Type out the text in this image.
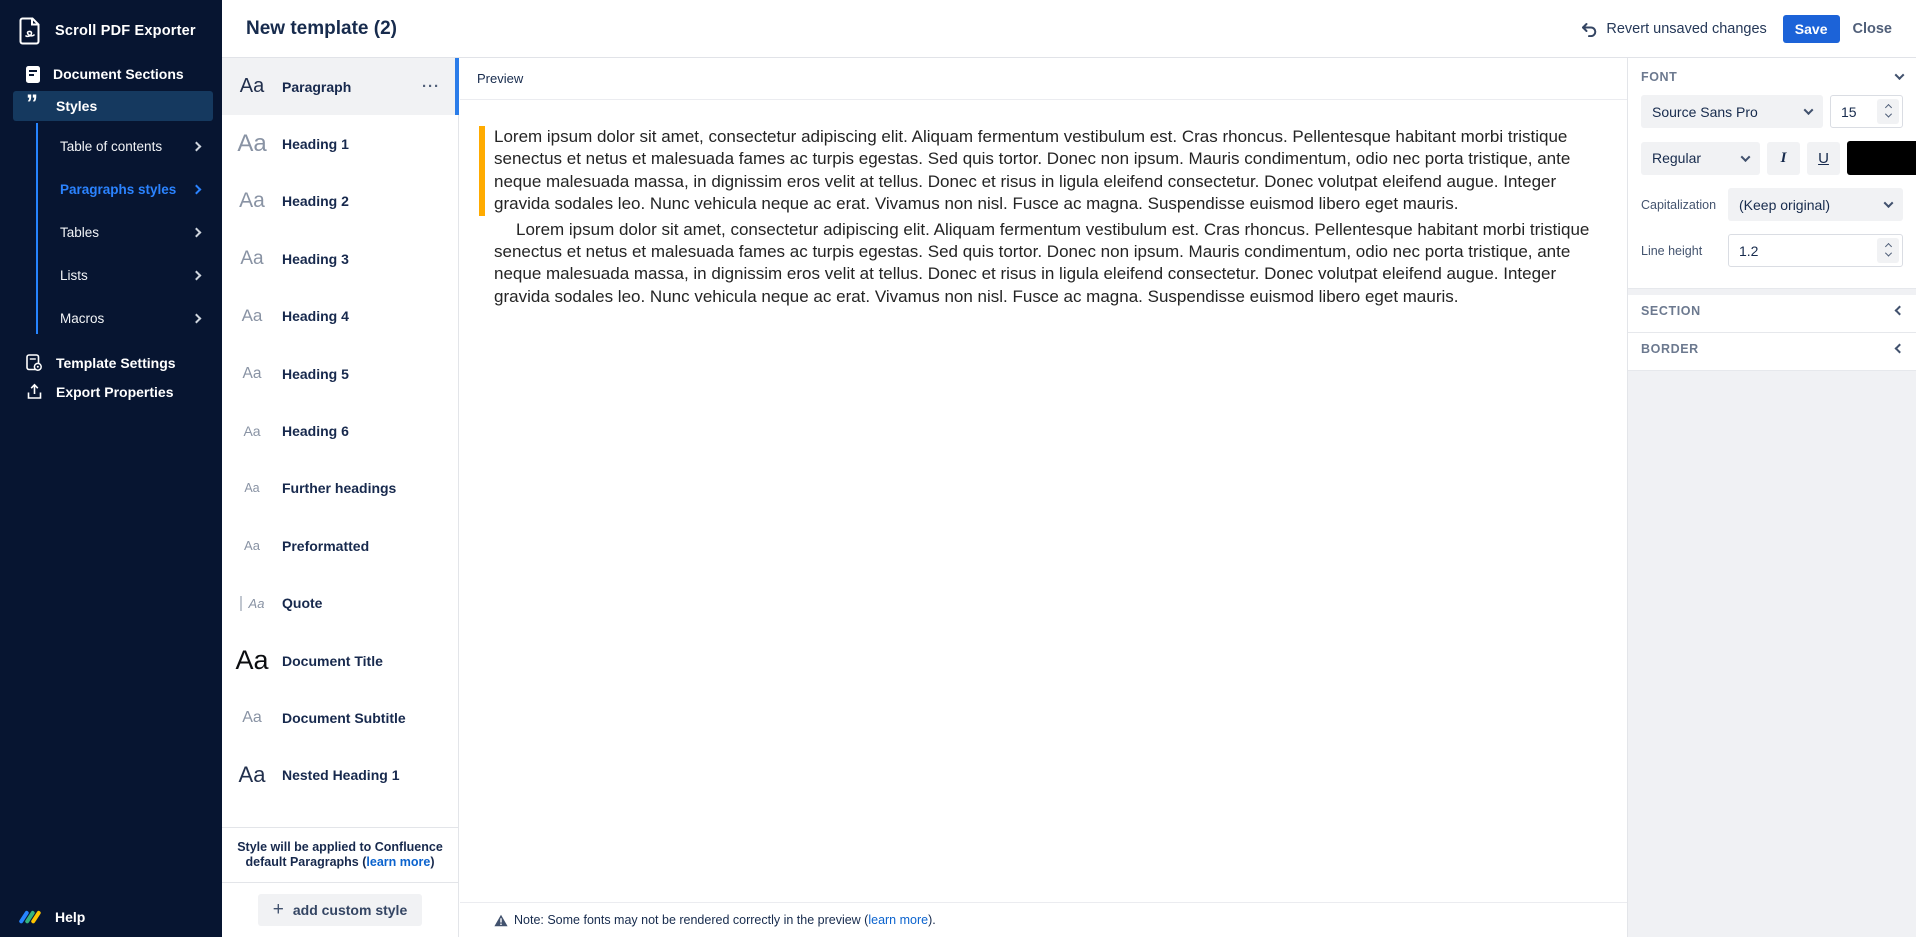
Scroll PDF Exporter
Document Sections
”	Styles
Table of contents
Paragraphs styles
Tables
Lists
Macros
Template Settings
Export Properties
Help
New template (2)	Revert unsaved changes	Save	Close
Aa	Paragraph	···
Aa	Heading 1
Aa	Heading 2
Aa	Heading 3
Aa	Heading 4
Aa	Heading 5
Aa	Heading 6
Aa	Further headings
Aa	Preformatted
Aa	Quote
Aa Document Title
Aa	Document Subtitle
Aa	Nested Heading 1
Style will be applied to Confluence
default Paragraphs (learn more)
+ add custom style
Preview

Lorem ipsum dolor sit amet, consectetur adipiscing elit. Aliquam fermentum vestibulum est. Cras rhoncus. Pellentesque habitant morbi tristique senectus et netus et malesuada fames ac turpis egestas. Sed quis tortor. Donec non ipsum. Mauris condimentum, odio nec porta tristique, ante neque malesuada massa, in dignissim eros velit at tellus. Donec et risus in ligula eleifend consectetur. Donec volutpat eleifend augue. Integer gravida sodales leo. Nunc vehicula neque ac erat. Vivamus non nisl. Fusce ac magna. Suspendisse euismod libero eget mauris.

Lorem ipsum dolor sit amet, consectetur adipiscing elit. Aliquam fermentum vestibulum est. Cras rhoncus. Pellentesque habitant morbi tristique senectus et netus et malesuada fames ac turpis egestas. Sed quis tortor. Donec non ipsum. Mauris condimentum, odio nec porta tristique, ante neque malesuada massa, in dignissim eros velit at tellus. Donec et risus in ligula eleifend consectetur. Donec volutpat eleifend augue. Integer gravida sodales leo. Nunc vehicula neque ac erat. Vivamus non nisl. Fusce ac magna. Suspendisse euismod libero eget mauris.

Note: Some fonts may not be rendered correctly in the preview (learn more).
FONT
Source Sans Pro
15
Regular	I	U
Capitalization	(Keep original)
Line height
1.2
SECTION
BORDER
